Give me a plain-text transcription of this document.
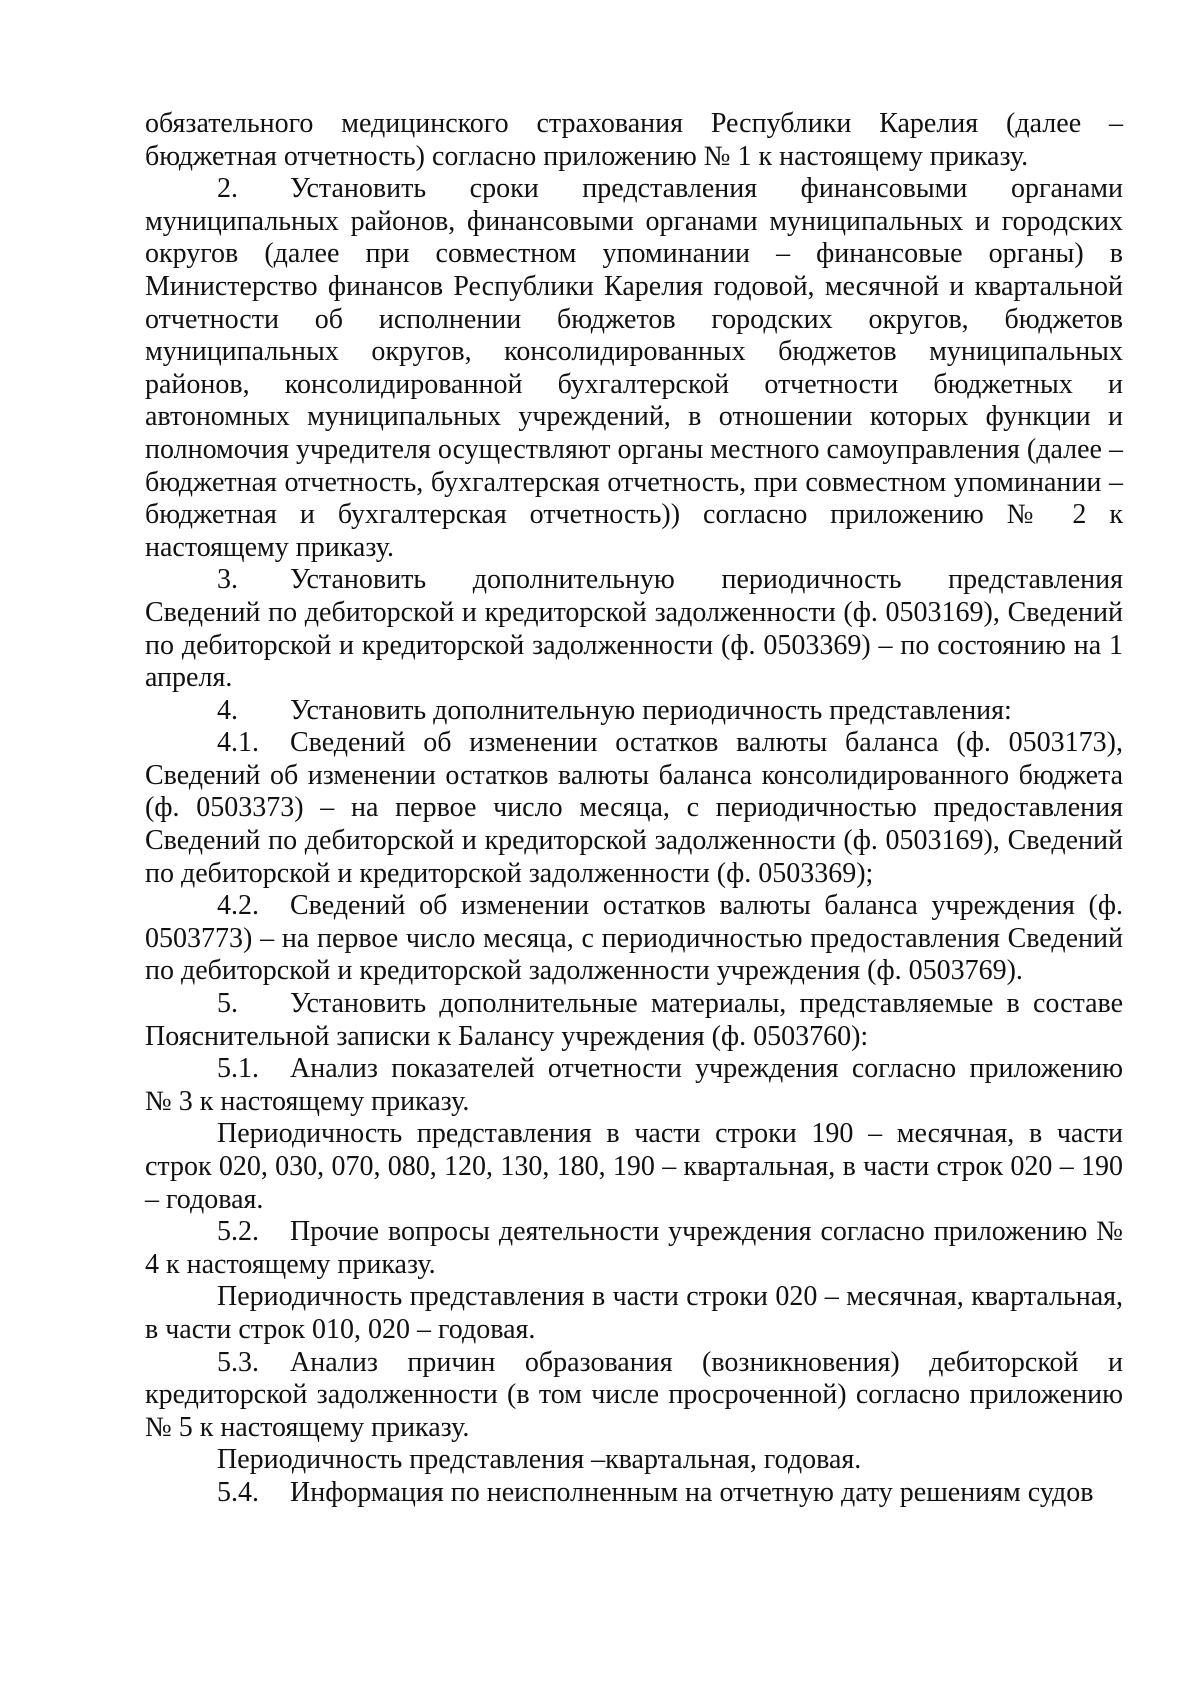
обязательного медицинского страхования Республики Карелия (далее – бюджетная отчетность) согласно приложению № 1 к настоящему приказу.

2. Установить сроки представления финансовыми органами муниципальных районов, финансовыми органами муниципальных и городских округов (далее при совместном упоминании – финансовые органы) в Министерство финансов Республики Карелия годовой, месячной и квартальной отчетности об исполнении бюджетов городских округов, бюджетов муниципальных округов, консолидированных бюджетов муниципальных районов, консолидированной бухгалтерской отчетности бюджетных и автономных муниципальных учреждений, в отношении которых функции и полномочия учредителя осуществляют органы местного самоуправления (далее – бюджетная отчетность, бухгалтерская отчетность, при совместном упоминании – бюджетная и бухгалтерская отчетность)) согласно приложению № 2 к настоящему приказу.

3. Установить дополнительную периодичность представления Сведений по дебиторской и кредиторской задолженности (ф. 0503169), Сведений по дебиторской и кредиторской задолженности (ф. 0503369) – по состоянию на 1 апреля.

4. Установить дополнительную периодичность представления:

4.1. Сведений об изменении остатков валюты баланса (ф. 0503173), Сведений об изменении остатков валюты баланса консолидированного бюджета (ф. 0503373) – на первое число месяца, с периодичностью предоставления Сведений по дебиторской и кредиторской задолженности (ф. 0503169), Сведений по дебиторской и кредиторской задолженности (ф. 0503369);

4.2. Сведений об изменении остатков валюты баланса учреждения (ф. 0503773) – на первое число месяца, с периодичностью предоставления Сведений по дебиторской и кредиторской задолженности учреждения (ф. 0503769).

5. Установить дополнительные материалы, представляемые в составе Пояснительной записки к Балансу учреждения (ф. 0503760):

5.1. Анализ показателей отчетности учреждения согласно приложению № 3 к настоящему приказу.

Периодичность представления в части строки 190 – месячная, в части строк 020, 030, 070, 080, 120, 130, 180, 190 – квартальная, в части строк 020 – 190 – годовая.

5.2. Прочие вопросы деятельности учреждения согласно приложению № 4 к настоящему приказу.

Периодичность представления в части строки 020 – месячная, квартальная, в части строк 010, 020 – годовая.

5.3. Анализ причин образования (возникновения) дебиторской и кредиторской задолженности (в том числе просроченной) согласно приложению № 5 к настоящему приказу.

Периодичность представления –квартальная, годовая.

5.4. Информация по неисполненным на отчетную дату решениям судов
